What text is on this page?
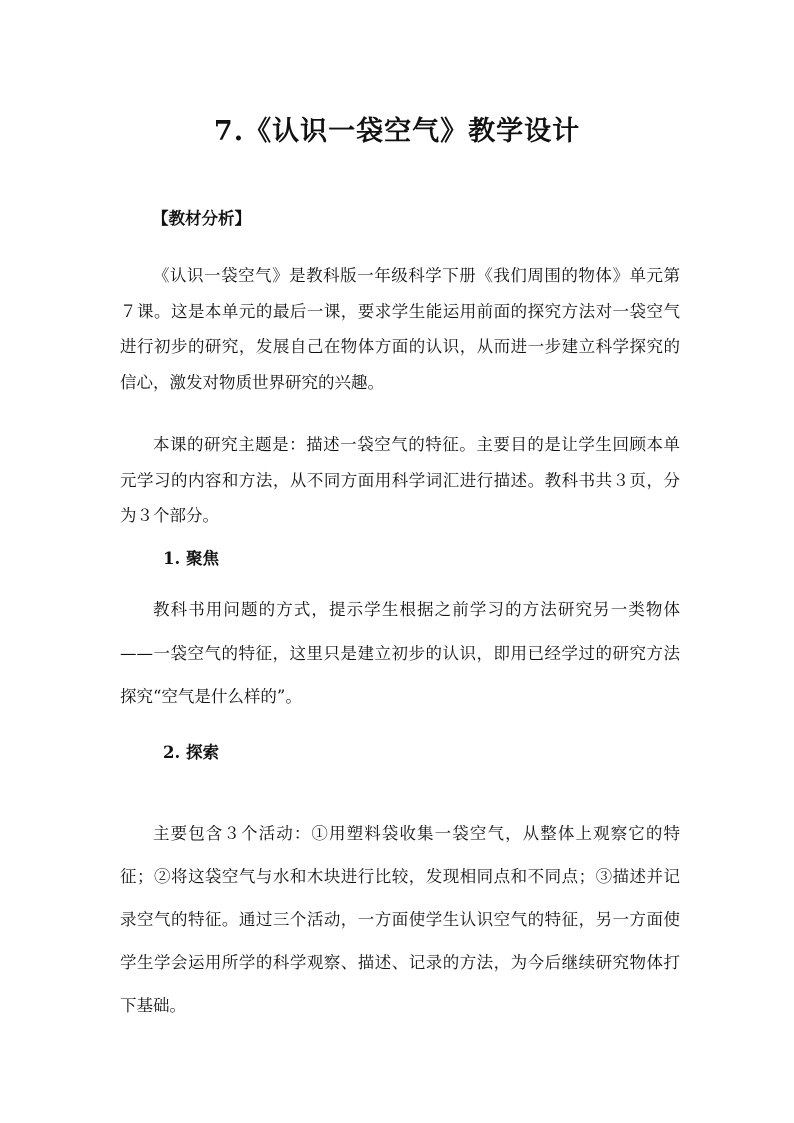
7.《认识一袋空气》教学设计
【教材分析】

《认识一袋空气》是教科版一年级科学下册《我们周围的物体》单元第７课。这是本单元的最后一课，要求学生能运用前面的探究方法对一袋空气进行初步的研究，发展自己在物体方面的认识，从而进一步建立科学探究的信心，激发对物质世界研究的兴趣。

本课的研究主题是：描述一袋空气的特征。主要目的是让学生回顾本单元学习的内容和方法，从不同方面用科学词汇进行描述。教科书共３页，分为３个部分。

1. 聚焦

教科书用问题的方式，提示学生根据之前学习的方法研究另一类物体——一袋空气的特征，这里只是建立初步的认识，即用已经学过的研究方法探究“空气是什么样的”。

2. 探索

主要包含３个活动：①用塑料袋收集一袋空气，从整体上观察它的特征；②将这袋空气与水和木块进行比较，发现相同点和不同点；③描述并记录空气的特征。通过三个活动，一方面使学生认识空气的特征，另一方面使学生学会运用所学的科学观察、描述、记录的方法，为今后继续研究物体打下基础。
